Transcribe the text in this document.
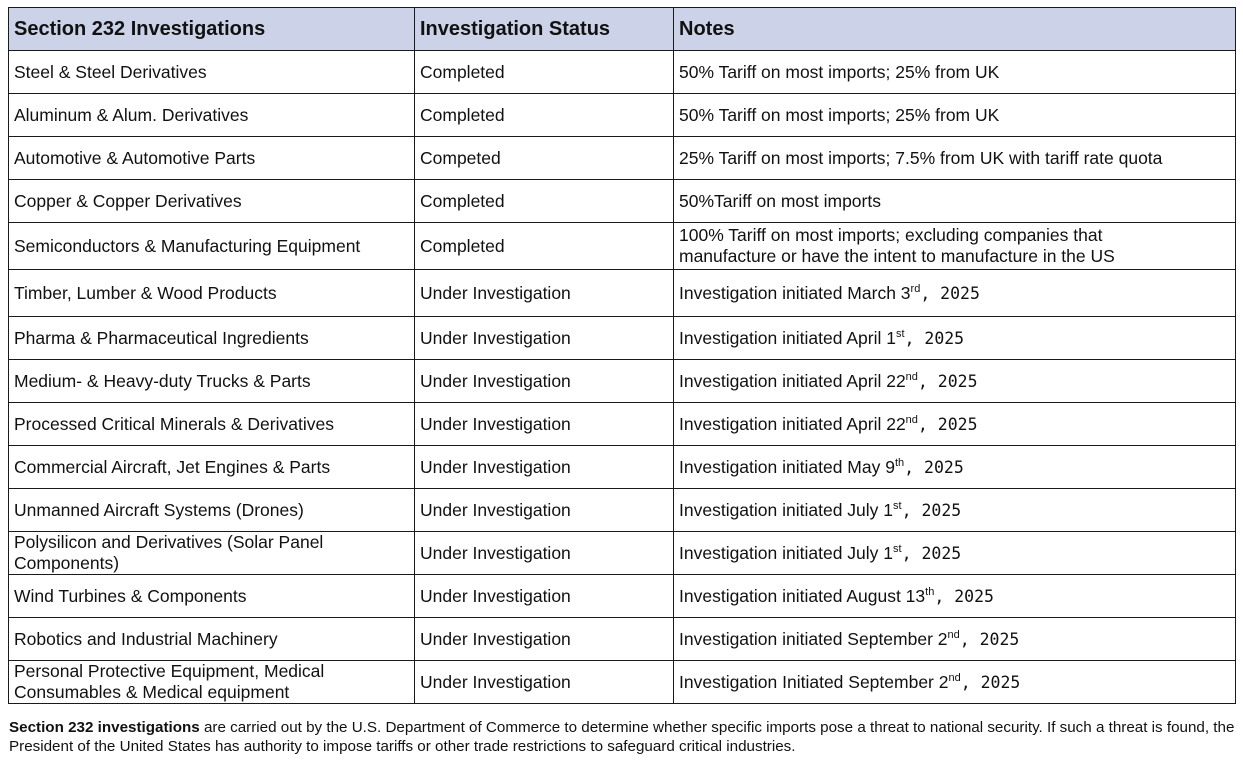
Section 232 Investigations	Investigation Status	Notes
Steel & Steel Derivatives	Completed	50% Tariff on most imports; 25% from UK
Aluminum & Alum. Derivatives	Completed	50% Tariff on most imports; 25% from UK
Automotive & Automotive Parts	Competed	25% Tariff on most imports; 7.5% from UK with tariff rate quota
Copper & Copper Derivatives	Completed	50%Tariff on most imports
Semiconductors & Manufacturing Equipment	Completed	100% Tariff on most imports; excluding companies that
manufacture or have the intent to manufacture in the US
Timber, Lumber & Wood Products	Under Investigation	Investigation initiated March 3rd, 2025
Pharma & Pharmaceutical Ingredients	Under Investigation	Investigation initiated April 1st, 2025
Medium- & Heavy-duty Trucks & Parts	Under Investigation	Investigation initiated April 22nd, 2025
Processed Critical Minerals & Derivatives	Under Investigation	Investigation initiated April 22nd, 2025
Commercial Aircraft, Jet Engines & Parts	Under Investigation	Investigation initiated May 9th, 2025
Unmanned Aircraft Systems (Drones)	Under Investigation	Investigation initiated July 1st, 2025
Polysilicon and Derivatives (Solar Panel Components)	Under Investigation	Investigation initiated July 1st, 2025
Wind Turbines & Components	Under Investigation	Investigation initiated August 13th, 2025
Robotics and Industrial Machinery	Under Investigation	Investigation initiated September 2nd, 2025
Personal Protective Equipment, Medical Consumables & Medical equipment	Under Investigation	Investigation Initiated September 2nd, 2025
Section 232 investigations are carried out by the U.S. Department of Commerce to determine whether specific imports pose a threat to national security. If such a threat is found, the President of the United States has authority to impose tariffs or other trade restrictions to safeguard critical industries.
